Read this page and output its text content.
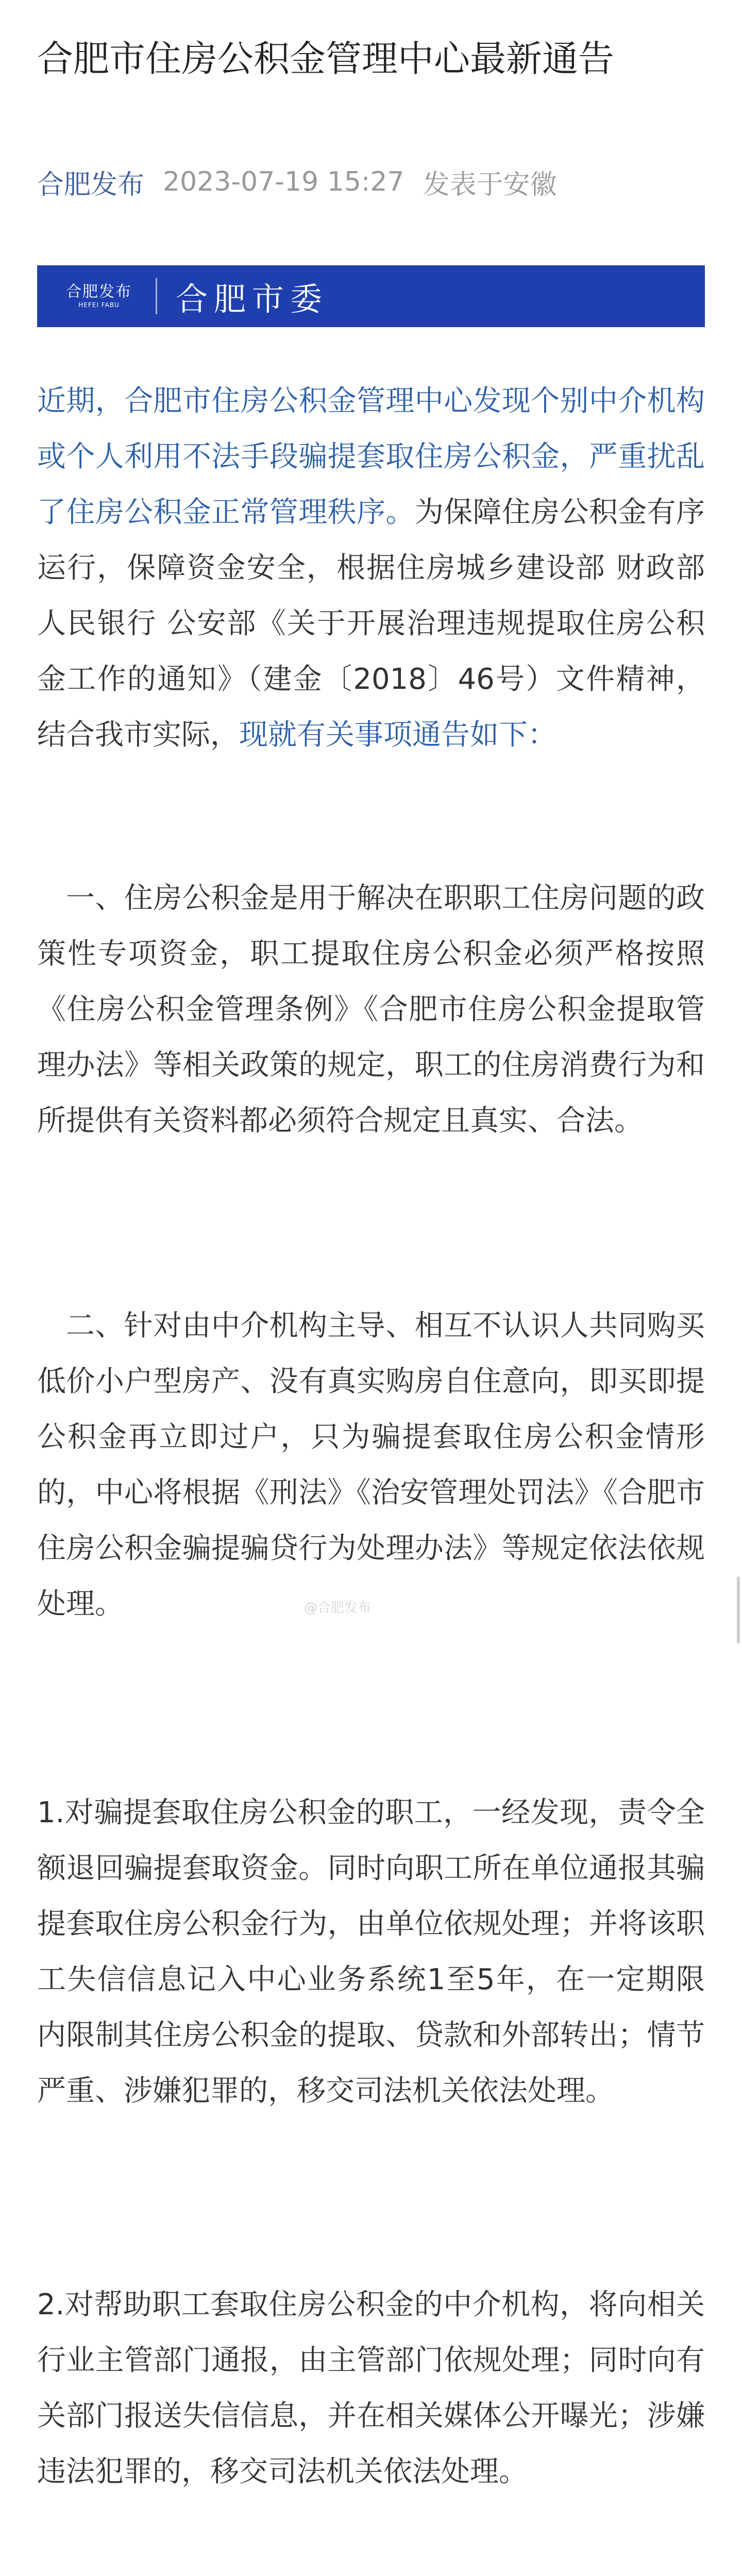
合肥市住房公积金管理中心最新通告
合肥发布 2023-07-19 15:27 发表于安徽
合肥发布
HEFEI FABU 合肥市委

近期，合肥市住房公积金管理中心发现个别中介机构或个人利用不法手段骗提套取住房公积金，严重扰乱了住房公积金正常管理秩序。为保障住房公积金有序运行，保障资金安全，根据住房城乡建设部 财政部 人民银行 公安部《关于开展治理违规提取住房公积金工作的通知》（建金〔2018〕46号）文件精神，结合我市实际，现就有关事项通告如下：

一、住房公积金是用于解决在职职工住房问题的政策性专项资金，职工提取住房公积金必须严格按照《住房公积金管理条例》《合肥市住房公积金提取管理办法》等相关政策的规定，职工的住房消费行为和所提供有关资料都必须符合规定且真实、合法。

二、针对由中介机构主导、相互不认识人共同购买低价小户型房产、没有真实购房自住意向，即买即提公积金再立即过户，只为骗提套取住房公积金情形的，中心将根据《刑法》《治安管理处罚法》《合肥市住房公积金骗提骗贷行为处理办法》等规定依法依规处理。	@合肥发布

1.对骗提套取住房公积金的职工，一经发现，责令全额退回骗提套取资金。同时向职工所在单位通报其骗提套取住房公积金行为，由单位依规处理；并将该职工失信信息记入中心业务系统1至5年，在一定期限内限制其住房公积金的提取、贷款和外部转出；情节严重、涉嫌犯罪的，移交司法机关依法处理。

2.对帮助职工套取住房公积金的中介机构，将向相关行业主管部门通报，由主管部门依规处理；同时向有关部门报送失信信息，并在相关媒体公开曝光；涉嫌违法犯罪的，移交司法机关依法处理。
